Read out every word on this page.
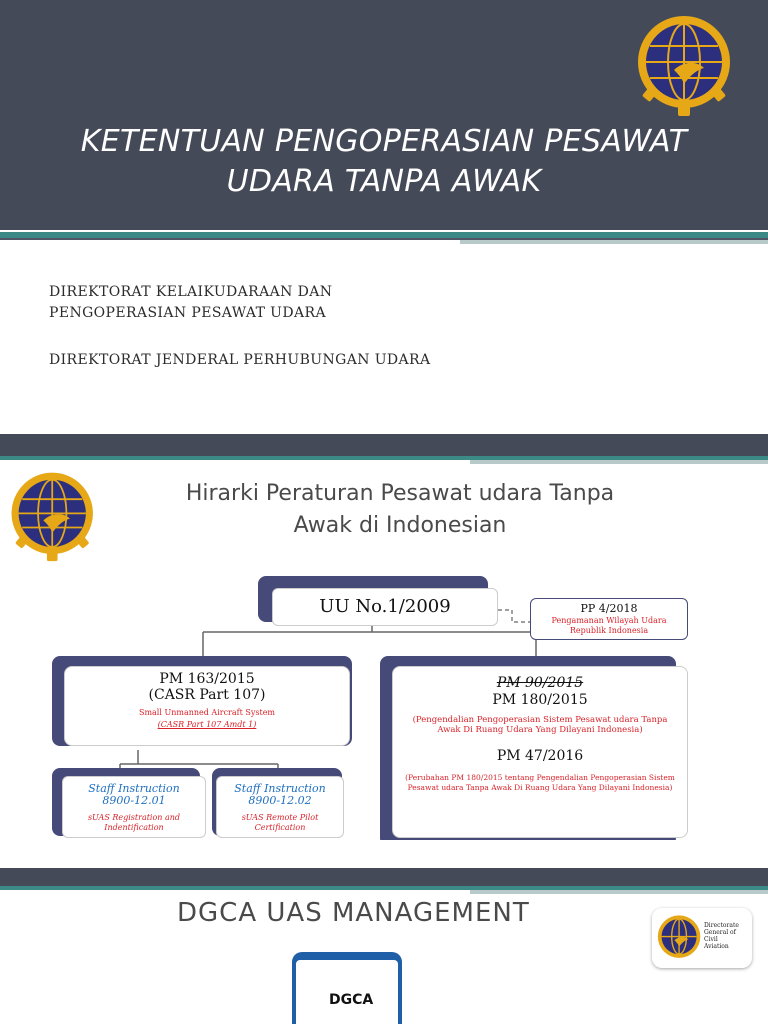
KETENTUAN PENGOPERASIAN PESAWAT
UDARA TANPA AWAK
DIREKTORAT KELAIKUDARAAN DAN
PENGOPERASIAN PESAWAT UDARA
DIREKTORAT JENDERAL PERHUBUNGAN UDARA
Hirarki Peraturan Pesawat udara Tanpa
Awak di Indonesian
UU No.1/2009	PP 4/2018
Pengamanan Wilayah Udara Republik Indonesia
PM 163/2015
(CASR Part 107)
Small Unmanned Aircraft System
(CASR Part 107 Amdt 1)
PM 90/2015
PM 180/2015
(Pengendalian Pengoperasian Sistem Pesawat udara Tanpa Awak Di Ruang Udara Yang Dilayani Indonesia)
PM 47/2016
(Perubahan PM 180/2015 tentang Pengendalian Pengoperasian Sistem Pesawat udara Tanpa Awak Di Ruang Udara Yang Dilayani Indonesia)
Staff Instruction
8900-12.01
sUAS Registration and
Indentification
Staff Instruction
8900-12.02
sUAS Remote Pilot
Certification
DGCA UAS MANAGEMENT
DGCA
Directorate
General of
Civil
Aviation
